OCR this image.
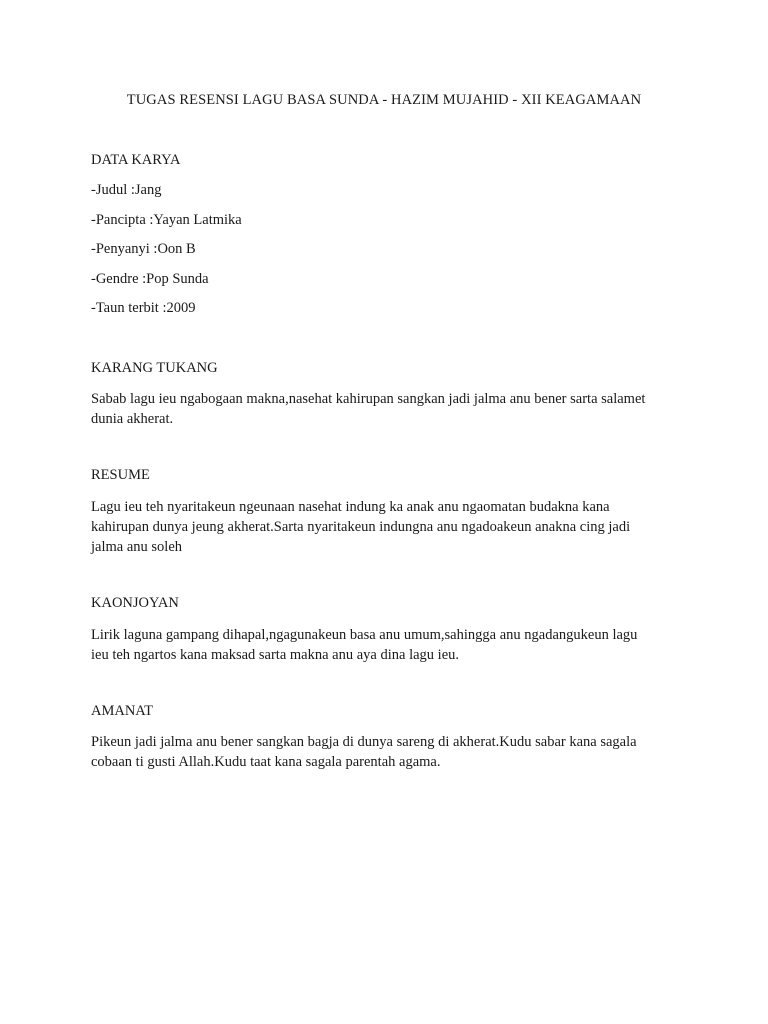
TUGAS RESENSI LAGU BASA SUNDA - HAZIM MUJAHID - XII KEAGAMAAN
DATA KARYA
-Judul :Jang
-Pancipta :Yayan Latmika
-Penyanyi :Oon B
-Gendre :Pop Sunda
-Taun terbit :2009
KARANG TUKANG
Sabab lagu ieu ngabogaan makna,nasehat kahirupan sangkan jadi jalma anu bener sarta salamet
dunia akherat.
RESUME
Lagu ieu teh nyaritakeun ngeunaan nasehat indung ka anak anu ngaomatan budakna kana
kahirupan dunya jeung akherat.Sarta nyaritakeun indungna anu ngadoakeun anakna cing jadi
jalma anu soleh
KAONJOYAN
Lirik laguna gampang dihapal,ngagunakeun basa anu umum,sahingga anu ngadangukeun lagu
ieu teh ngartos kana maksad sarta makna anu aya dina lagu ieu.
AMANAT
Pikeun jadi jalma anu bener sangkan bagja di dunya sareng di akherat.Kudu sabar kana sagala
cobaan ti gusti Allah.Kudu taat kana sagala parentah agama.
